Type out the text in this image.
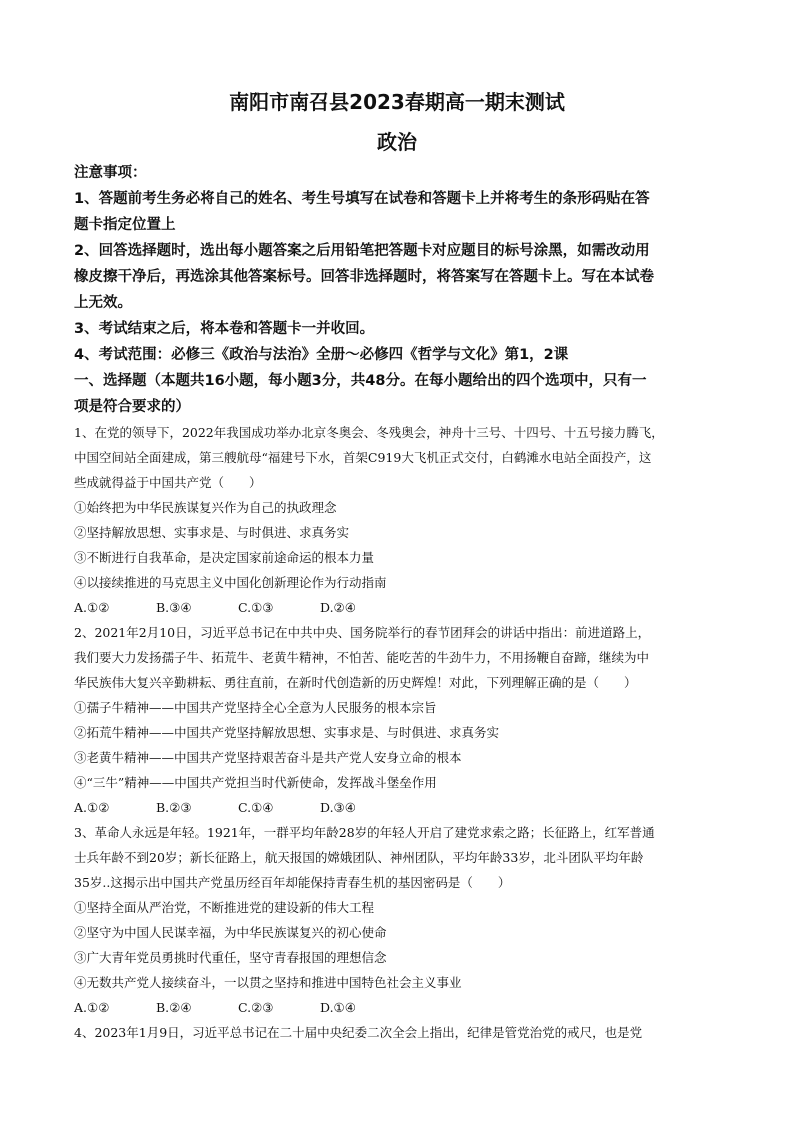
南阳市南召县2023春期高一期末测试
政治
注意事项：
1、答题前考生务必将自己的姓名、考生号填写在试卷和答题卡上并将考生的条形码贴在答
题卡指定位置上
2、回答选择题时，选出每小题答案之后用铅笔把答题卡对应题目的标号涂黑，如需改动用
橡皮擦干净后，再选涂其他答案标号。回答非选择题时，将答案写在答题卡上。写在本试卷
上无效。
3、考试结束之后，将本卷和答题卡一并收回。
4、考试范围：必修三《政治与法治》全册～必修四《哲学与文化》第1，2课
一、选择题（本题共16小题，每小题3分，共48分。在每小题给出的四个选项中，只有一
项是符合要求的）
1、在党的领导下，2022年我国成功举办北京冬奥会、冬残奥会，神舟十三号、十四号、十五号接力腾飞，
中国空间站全面建成，第三艘航母“福建号下水，首架C919大飞机正式交付，白鹤滩水电站全面投产，这
些成就得益于中国共产党（　　）
①始终把为中华民族谋复兴作为自己的执政理念
②坚持解放思想、实事求是、与时俱进、求真务实
③不断进行自我革命，是决定国家前途命运的根本力量
④以接续推进的马克思主义中国化创新理论作为行动指南
A.①②	B.③④	C.①③	D.②④
2、2021年2月10日，习近平总书记在中共中央、国务院举行的春节团拜会的讲话中指出：前进道路上，
我们要大力发扬孺子牛、拓荒牛、老黄牛精神，不怕苦、能吃苦的牛劲牛力，不用扬鞭自奋蹄，继续为中
华民族伟大复兴辛勤耕耘、勇往直前，在新时代创造新的历史辉煌！对此，下列理解正确的是（　　）
①孺子牛精神——中国共产党坚持全心全意为人民服务的根本宗旨
②拓荒牛精神——中国共产党坚持解放思想、实事求是、与时俱进、求真务实
③老黄牛精神——中国共产党坚持艰苦奋斗是共产党人安身立命的根本
④“三牛”精神——中国共产党担当时代新使命，发挥战斗堡垒作用
A.①②	B.②③	C.①④	D.③④
3、革命人永远是年轻。1921年，一群平均年龄28岁的年轻人开启了建党求索之路；长征路上，红军普通
士兵年龄不到20岁；新长征路上，航天报国的嫦娥团队、神州团队，平均年龄33岁，北斗团队平均年龄
35岁..这揭示出中国共产党虽历经百年却能保持青春生机的基因密码是（　　）
①坚持全面从严治党，不断推进党的建设新的伟大工程
②坚守为中国人民谋幸福，为中华民族谋复兴的初心使命
③广大青年党员勇挑时代重任，坚守青春报国的理想信念
④无数共产党人接续奋斗，一以贯之坚持和推进中国特色社会主义事业
A.①②	B.②④	C.②③	D.①④
4、2023年1月9日，习近平总书记在二十届中央纪委二次全会上指出，纪律是管党治党的戒尺，也是党
